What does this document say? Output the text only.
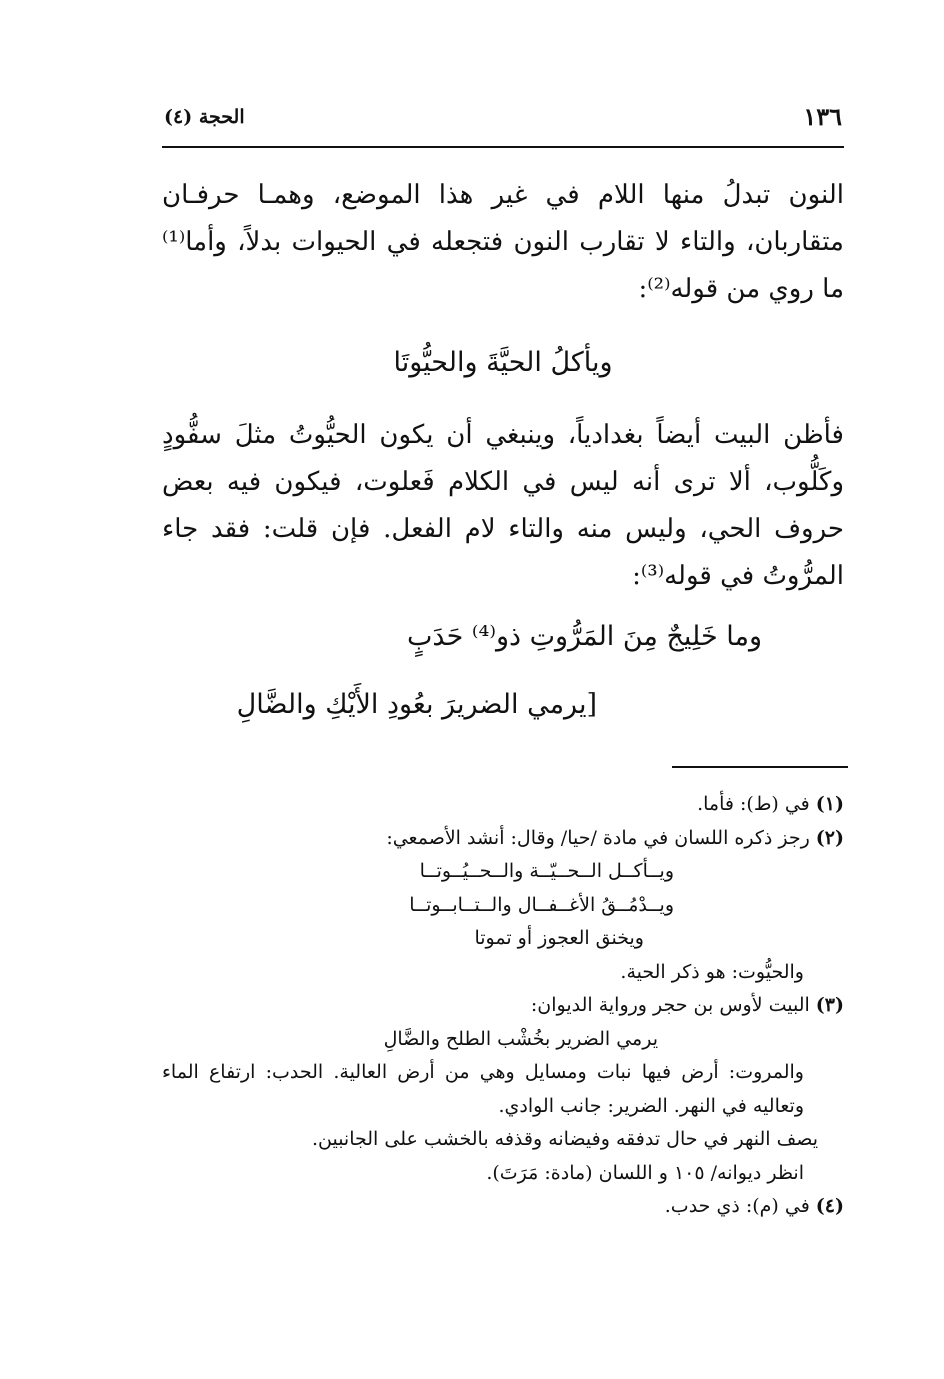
١٣٦
الحجة (٤)

النون تبدلُ منها اللام في غير هذا الموضع، وهمـا حرفـان متقاربان، والتاء لا تقارب النون فتجعله في الحيوات بدلاً، وأما⁽¹⁾ ما روي من قوله⁽²⁾:

ويأكلُ الحيَّةَ والحيُّوتَا

فأظن البيت أيضاً بغدادياً، وينبغي أن يكون الحيُّوتُ مثلَ سفُّودٍ وكَلُّوب، ألا ترى أنه ليس في الكلام فَعلوت، فيكون فيه بعض حروف الحي، وليس منه والتاء لام الفعل. فإن قلت: فقد جاء المرُّوتُ في قوله⁽³⁾:

وما خَلِيجٌ مِنَ المَرُّوتِ ذو⁽⁴⁾ حَدَبٍ
[يرمي الضريرَ بعُودِ الأَيْكِ والضَّالِ

(١)في (ط): فأما.

(٢)رجز ذكره اللسان في مادة /حيا/ وقال: أنشد الأصمعي:

ويــأكــل الــحــيّــة والــحــيُــوتــا

ويــدْمُــقُ الأغــفــال والــتــابــوتــا

ويخنق العجوز أو تموتا

والحيُّوت: هو ذكر الحية.

(٣)البيت لأوس بن حجر ورواية الديوان:

يرمي الضرير بخُشْب الطلح والضَّالِ

والمروت: أرض فيها نبات ومسايل وهي من أرض العالية. الحدب: ارتفاع الماء وتعاليه في النهر. الضرير: جانب الوادي.

يصف النهر في حال تدفقه وفيضانه وقذفه بالخشب على الجانبين.

انظر ديوانه/ ١٠٥ و اللسان (مادة: مَرَتَ).

(٤)في (م): ذي حدب.
